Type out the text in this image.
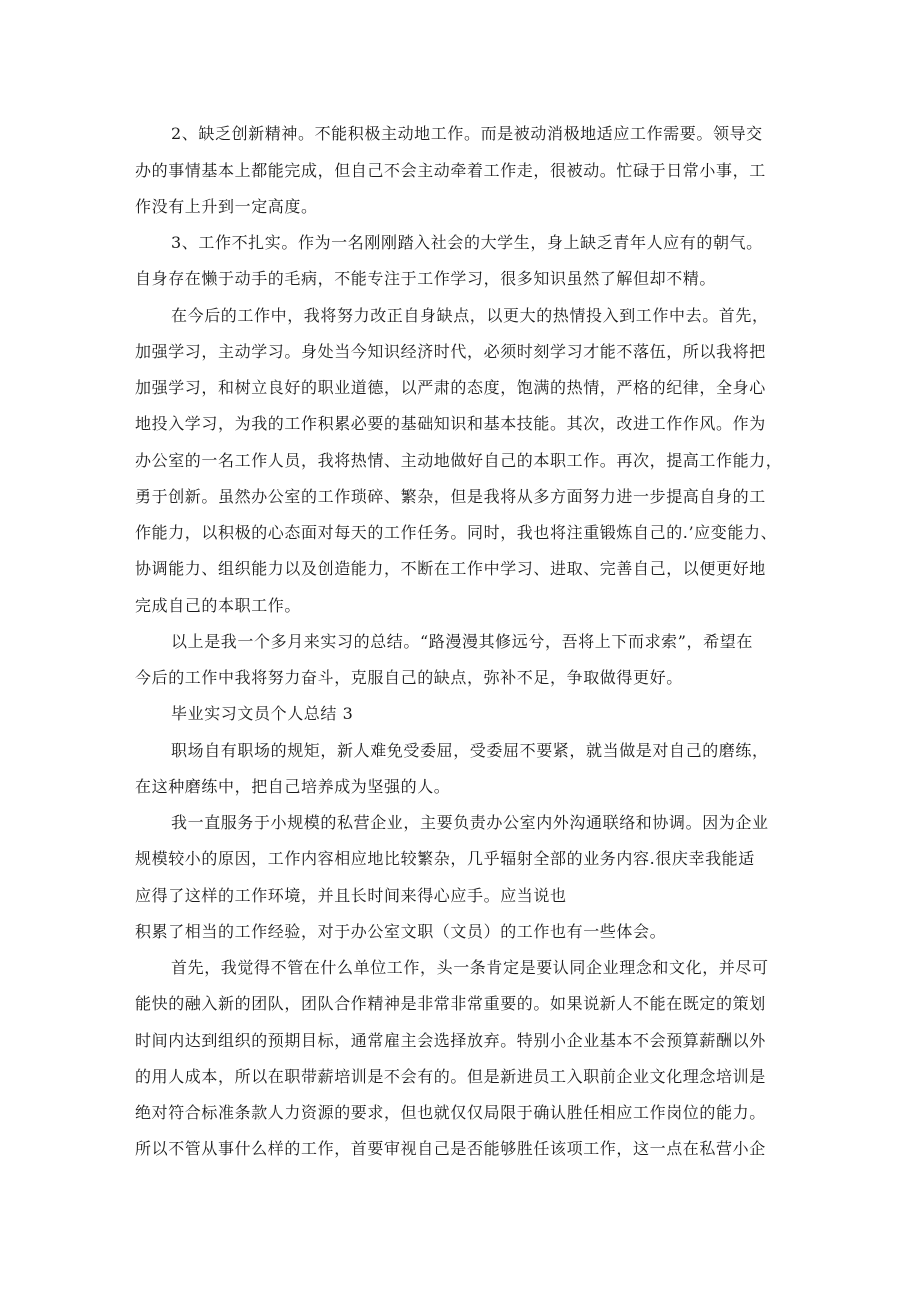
2、缺乏创新精神。不能积极主动地工作。而是被动消极地适应工作需要。领导交
办的事情基本上都能完成，但自己不会主动牵着工作走，很被动。忙碌于日常小事，工
作没有上升到一定高度。
3、工作不扎实。作为一名刚刚踏入社会的大学生，身上缺乏青年人应有的朝气。
自身存在懒于动手的毛病，不能专注于工作学习，很多知识虽然了解但却不精。
在今后的工作中，我将努力改正自身缺点，以更大的热情投入到工作中去。首先，
加强学习，主动学习。身处当今知识经济时代，必须时刻学习才能不落伍，所以我将把
加强学习，和树立良好的职业道德，以严肃的态度，饱满的热情，严格的纪律，全身心
地投入学习，为我的工作积累必要的基础知识和基本技能。其次，改进工作作风。作为
办公室的一名工作人员，我将热情、主动地做好自己的本职工作。再次，提高工作能力，
勇于创新。虽然办公室的工作琐碎、繁杂，但是我将从多方面努力进一步提高自身的工
作能力，以积极的心态面对每天的工作任务。同时，我也将注重锻炼自己的.’应变能力、
协调能力、组织能力以及创造能力，不断在工作中学习、进取、完善自己，以便更好地
完成自己的本职工作。
以上是我一个多月来实习的总结。“路漫漫其修远兮，吾将上下而求索”，希望在
今后的工作中我将努力奋斗，克服自己的缺点，弥补不足，争取做得更好。
毕业实习文员个人总结 3
职场自有职场的规矩，新人难免受委屈，受委屈不要紧，就当做是对自己的磨练，
在这种磨练中，把自己培养成为坚强的人。
我一直服务于小规模的私营企业，主要负责办公室内外沟通联络和协调。因为企业
规模较小的原因，工作内容相应地比较繁杂，几乎辐射全部的业务内容.很庆幸我能适
应得了这样的工作环境，并且长时间来得心应手。应当说也
积累了相当的工作经验，对于办公室文职（文员）的工作也有一些体会。
首先，我觉得不管在什么单位工作，头一条肯定是要认同企业理念和文化，并尽可
能快的融入新的团队，团队合作精神是非常非常重要的。如果说新人不能在既定的策划
时间内达到组织的预期目标，通常雇主会选择放弃。特别小企业基本不会预算薪酬以外
的用人成本，所以在职带薪培训是不会有的。但是新进员工入职前企业文化理念培训是
绝对符合标准条款人力资源的要求，但也就仅仅局限于确认胜任相应工作岗位的能力。
所以不管从事什么样的工作，首要审视自己是否能够胜任该项工作，这一点在私营小企
